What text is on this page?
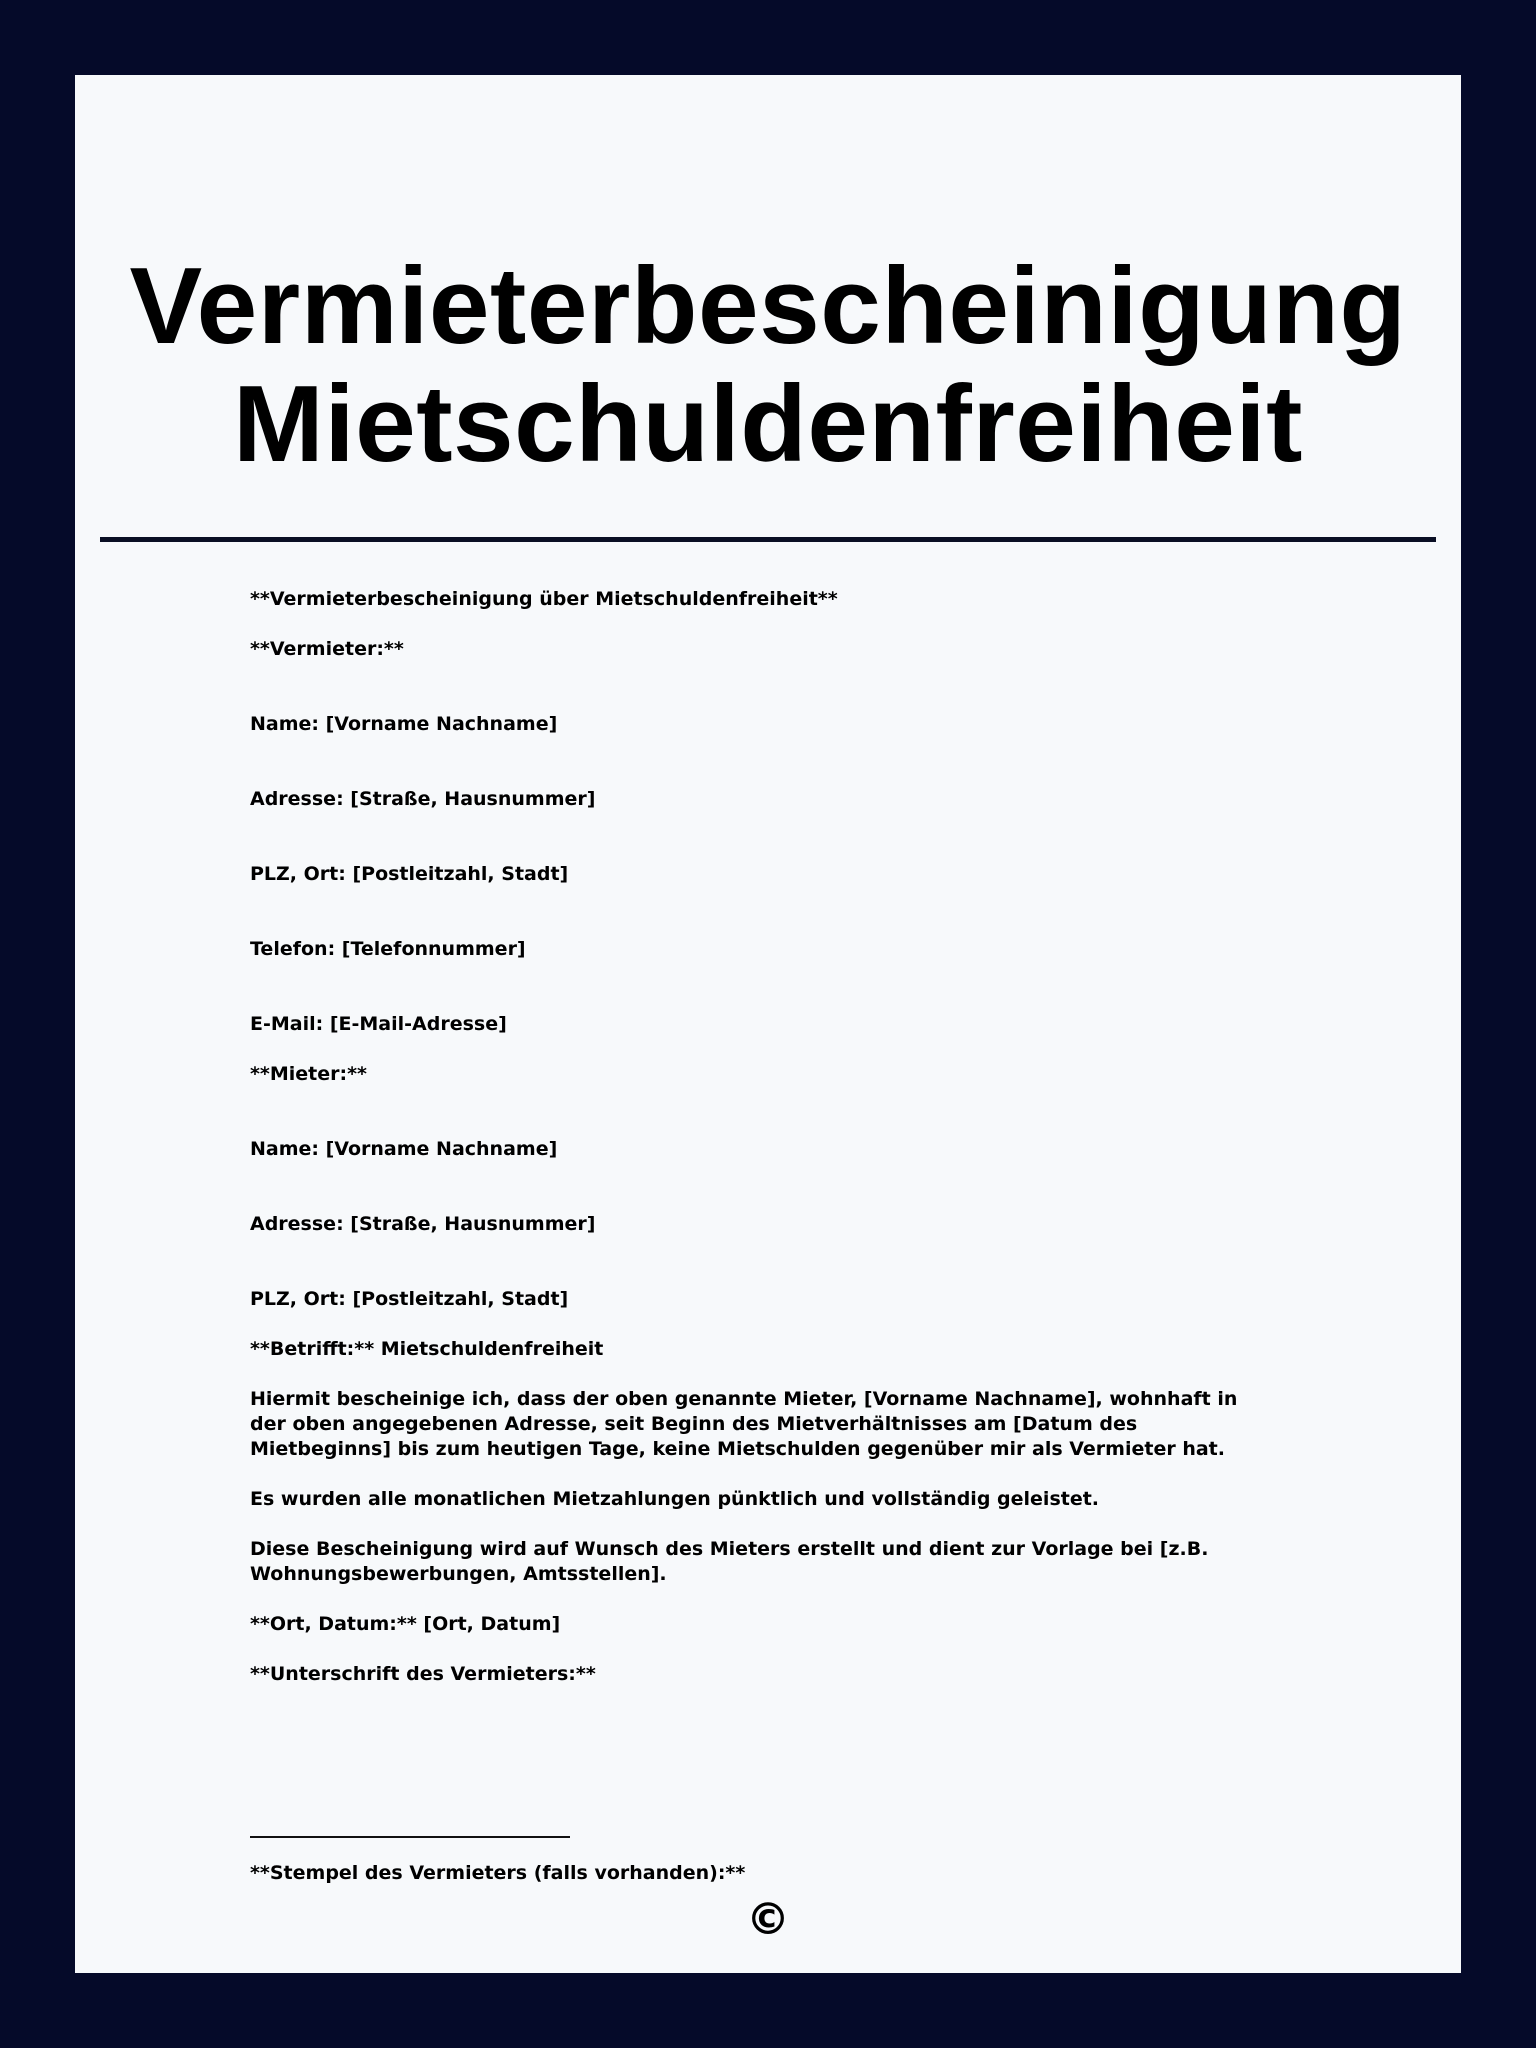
Vermieterbescheinigung
Mietschuldenfreiheit
**Vermieterbescheinigung über Mietschuldenfreiheit**
**Vermieter:**
Name: [Vorname Nachname]
Adresse: [Straße, Hausnummer]
PLZ, Ort: [Postleitzahl, Stadt]
Telefon: [Telefonnummer]
E-Mail: [E-Mail-Adresse]
**Mieter:**
Name: [Vorname Nachname]
Adresse: [Straße, Hausnummer]
PLZ, Ort: [Postleitzahl, Stadt]
**Betrifft:** Mietschuldenfreiheit
Hiermit bescheinige ich, dass der oben genannte Mieter, [Vorname Nachname], wohnhaft in der oben angegebenen Adresse, seit Beginn des Mietverhältnisses am [Datum des Mietbeginns] bis zum heutigen Tage, keine Mietschulden gegenüber mir als Vermieter hat.
Es wurden alle monatlichen Mietzahlungen pünktlich und vollständig geleistet.
Diese Bescheinigung wird auf Wunsch des Mieters erstellt und dient zur Vorlage bei [z.B. Wohnungsbewerbungen, Amtsstellen].
**Ort, Datum:** [Ort, Datum]
**Unterschrift des Vermieters:**
**Stempel des Vermieters (falls vorhanden):**
©
